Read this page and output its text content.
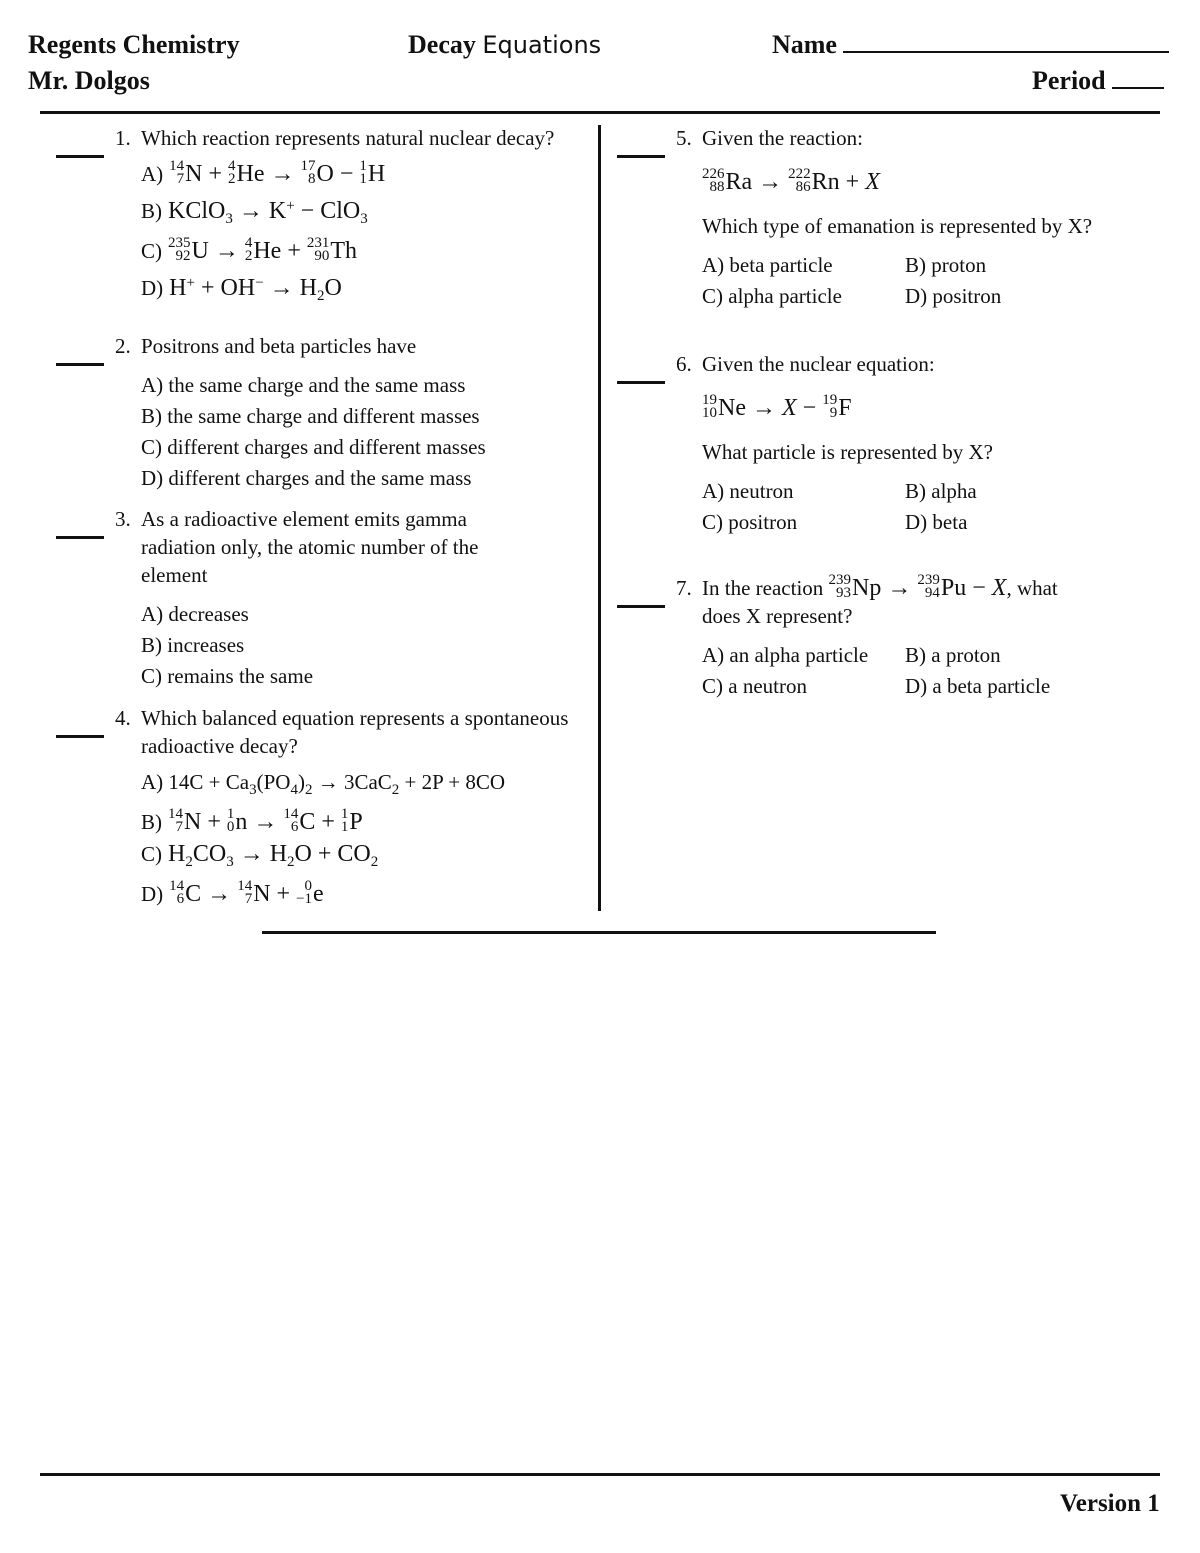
Regents Chemistry
Mr. Dolgos
Decay Equations	Name
Period
Version 1
1. Which reaction represents natural nuclear decay?
A) 14
7 N + 4
2 He → 17
8 O − 1
1 H
B) KClO$_3$ → K+ − ClO$_3$
C) 235
92 U → 4
2 He + 231
90 Th
D) $H^+ + OH^- \to H_2O$
2. Positrons and beta particles have
A) the same charge and the same mass
B) the same charge and different masses
C) different charges and different masses
D) different charges and the same mass
3. As a radioactive element emits gamma radiation only, the atomic number of the element
A) decreases
B) increases
C) remains the same
4. Which balanced equation represents a spontaneous radioactive decay?
A) $14C + Ca_3(PO_4)_2 \to 3CaC_2 + 2P + 8CO$
B) 14
7 N + 1
0 n → 14
6 C + 1
1 P
C) $H_2CO_3 \to H_2O + CO_2$
D) 14
6 C → 14
7 N + 0
−1 e
5. Given the reaction:
226
88 Ra → 222
86 Rn + X
Which type of emanation is represented by X?
A) beta particle	B) proton
C) alpha particle	D) positron
6. Given the nuclear equation:
19
10 Ne → X − 19
9 F
What particle is represented by X?
A) neutron	B) alpha
C) positron	D) beta
7. In the reaction 239
93 Np → 239
94 Pu − X, what
does X represent?
A) an alpha particle	B) a proton
C) a neutron	D) a beta particle
